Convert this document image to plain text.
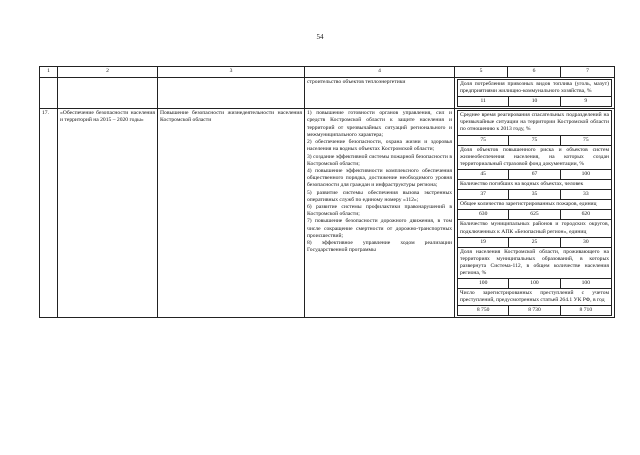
54
1	2	3	4	5	6	7
			строительство объектов теплоэнергетики		Доля потребления привозных видов топлива (уголь, мазут) предприятиями жилищно-коммунального хозяйства, %
11	10	9

17.	«Обеспечение безопасности населения и территорий на 2015 – 2020 годы»	Повышение безопасности жизнедеятельности населения Костромской области	
1) повышение готовности органов управления, сил и средств Костромской области к защите населения и территорий от чрезвычайных ситуаций регионального и межмуниципального характера;
2) обеспечение безопасности, охрана жизни и здоровья населения на водных объектах Костромской области;
3) создание эффективной системы пожарной безопасности в Костромской области;
4) повышение эффективности комплексного обеспечения общественного порядка, достижение необходимого уровня безопасности для граждан и инфраструктуры региона;
5) развитие системы обеспечения вызова экстренных оперативных служб по единому номеру «112»;
6) развитие системы профилактики правонарушений в Костромской области;
7) повышение безопасности дорожного движения, в том числе сокращение смертности от дорожно-транспортных происшествий;
8) эффективное управление ходом реализации Государственной программы

Среднее время реагирования спасательных подразделений на чрезвычайные ситуации на территории Костромской области по отношению к 2013 году, %
75	75	75
Доля объектов повышенного риска и объектов систем жизнеобеспечения населения, на которых создан территориальный страховой фонд документации, %
45	67	100
Количество погибших на водных объектах, человек
37	35	33
Общее количество зарегистрированных пожаров, единиц
630	625	620
Количество муниципальных районов и городских округов, подключенных к АПК «Безопасный регион», единиц
19	25	30
Доля населения Костромской области, проживающего на территориях муниципальных образований, в которых развернута Система-112, в общем количестве населения региона, %
100	100	100
Число зарегистрированных преступлений с учетом преступлений, предусмотренных статьей 264.1 УК РФ, в год
8 750	8 730	8 710
